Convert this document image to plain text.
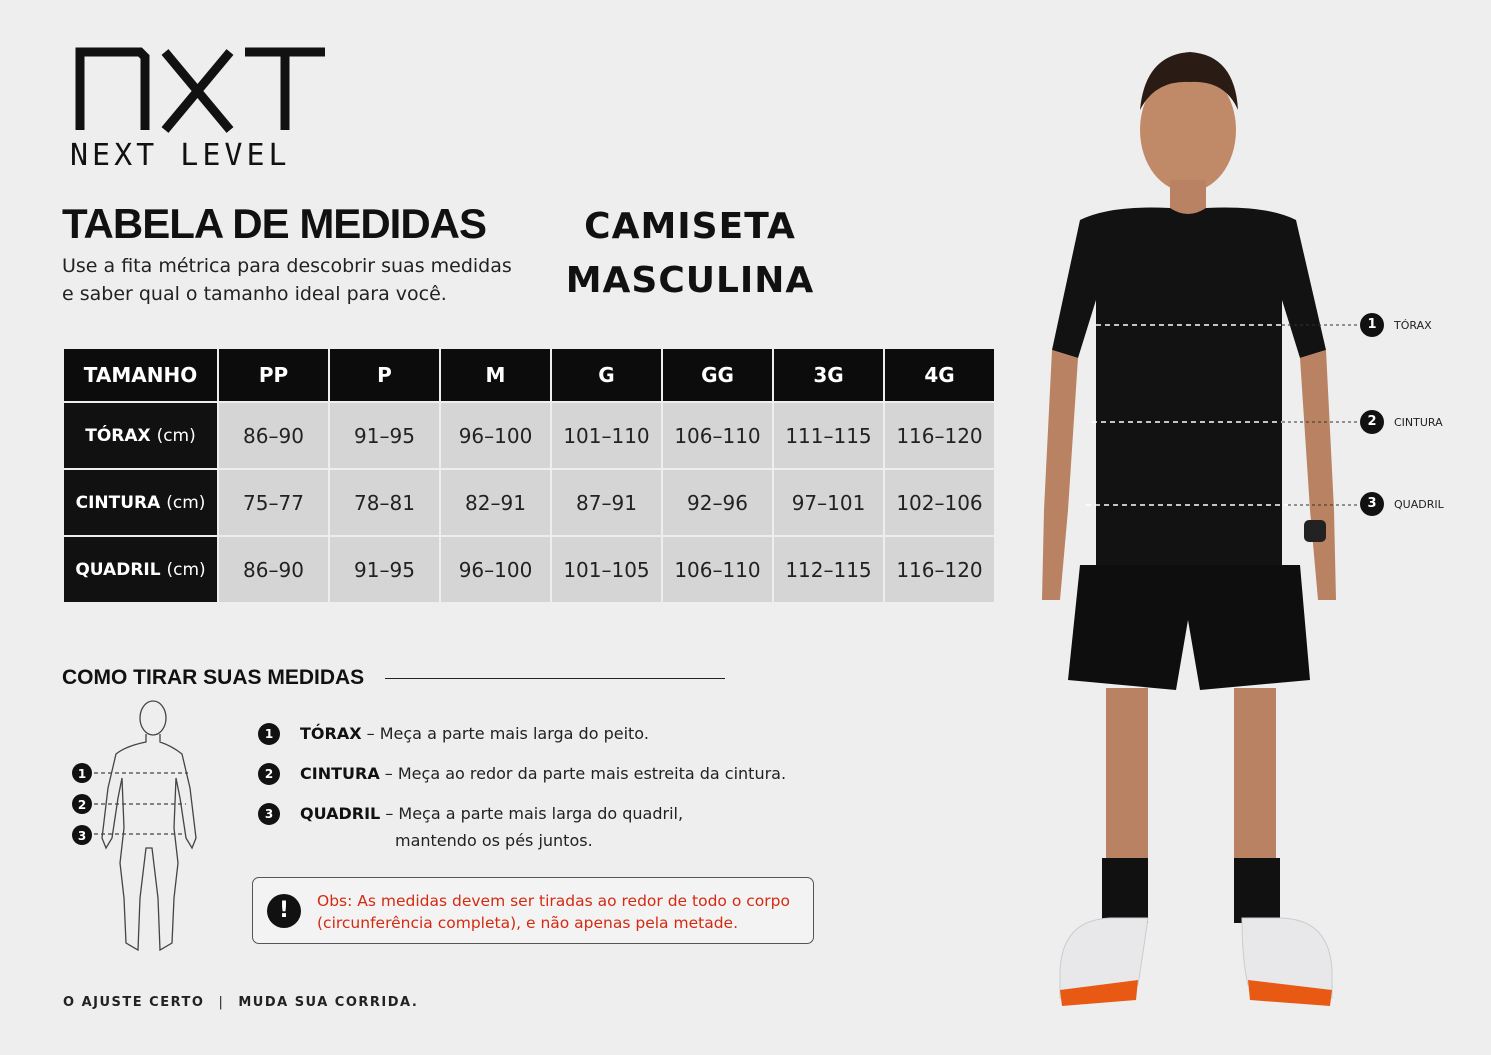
NEXT LEVEL
TABELA DE MEDIDAS
Use a fita métrica para descobrir suas medidas
e saber qual o tamanho ideal para você.
CAMISETA
MASCULINA
TAMANHO	PP	P	M	G	GG	3G	4G
TÓRAX (cm)	86–90	91–95	96–100	101–110	106–110	111–115	116–120
CINTURA (cm)	75–77	78–81	82–91	87–91	92–96	97–101	102–106
QUADRIL (cm)	86–90	91–95	96–100	101–105	106–110	112–115	116–120
COMO TIRAR SUAS MEDIDAS
1
2
3
1	TÓRAX – Meça a parte mais larga do peito.
2	CINTURA – Meça ao redor da parte mais estreita da cintura.
3	QUADRIL – Meça a parte mais larga do quadril,
mantendo os pés juntos.
!	Obs: As medidas devem ser tiradas ao redor de todo o corpo
(circunferência completa), e não apenas pela metade.
O AJUSTE CERTO | MUDA SUA CORRIDA.
1	TÓRAX
2	CINTURA
3	QUADRIL
